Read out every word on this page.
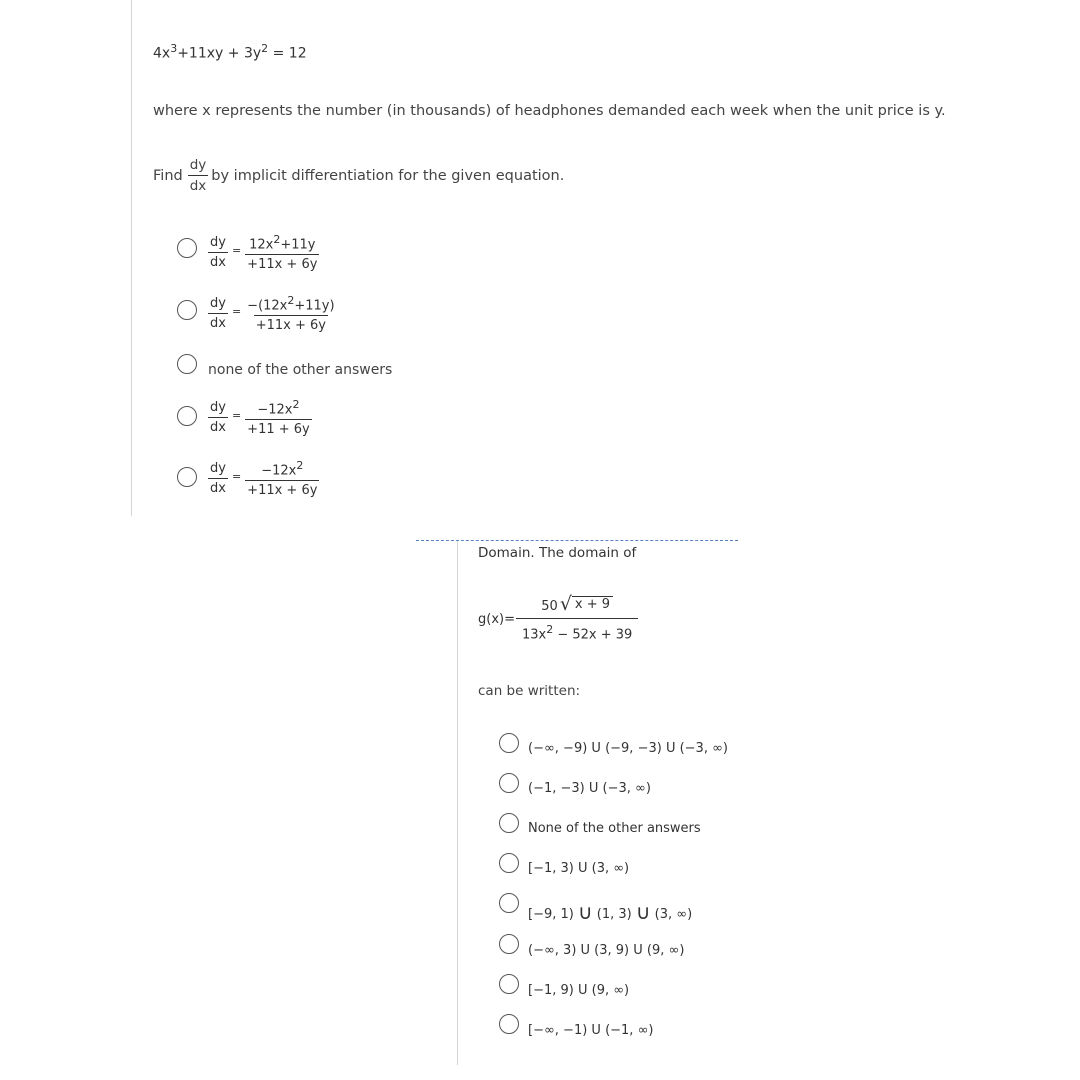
$4x^3+11xy + 3y^2 = 12$
where x represents the number (in thousands) of headphones demanded each week when the unit price is y.
Find $\frac{dy}{dx}$ by implicit differentiation for the given equation.
$\frac{dy}{dx} = \frac{12x^2+11y}{+11x + 6y}$
$\frac{dy}{dx} = \frac{-(12x^2+11y)}{+11x + 6y}$
none of the other answers
$\frac{dy}{dx} = \frac{-12x^2}{+11 + 6y}$
$\frac{dy}{dx} = \frac{-12x^2}{+11x + 6y}$
Domain. The domain of
$g(x)= \frac{50 √ x + 9}{13x^2 - 52x + 39}$
can be written:
(−∞, −9) U (−9, −3) U (−3, ∞)
(−1, −3) U (−3, ∞)
None of the other answers
[−1, 3) U (3, ∞)
[−9, 1) ∪ (1, 3) ∪ (3, ∞)
(−∞, 3) U (3, 9) U (9, ∞)
[−1, 9) U (9, ∞)
[−∞, −1) U (−1, ∞)
